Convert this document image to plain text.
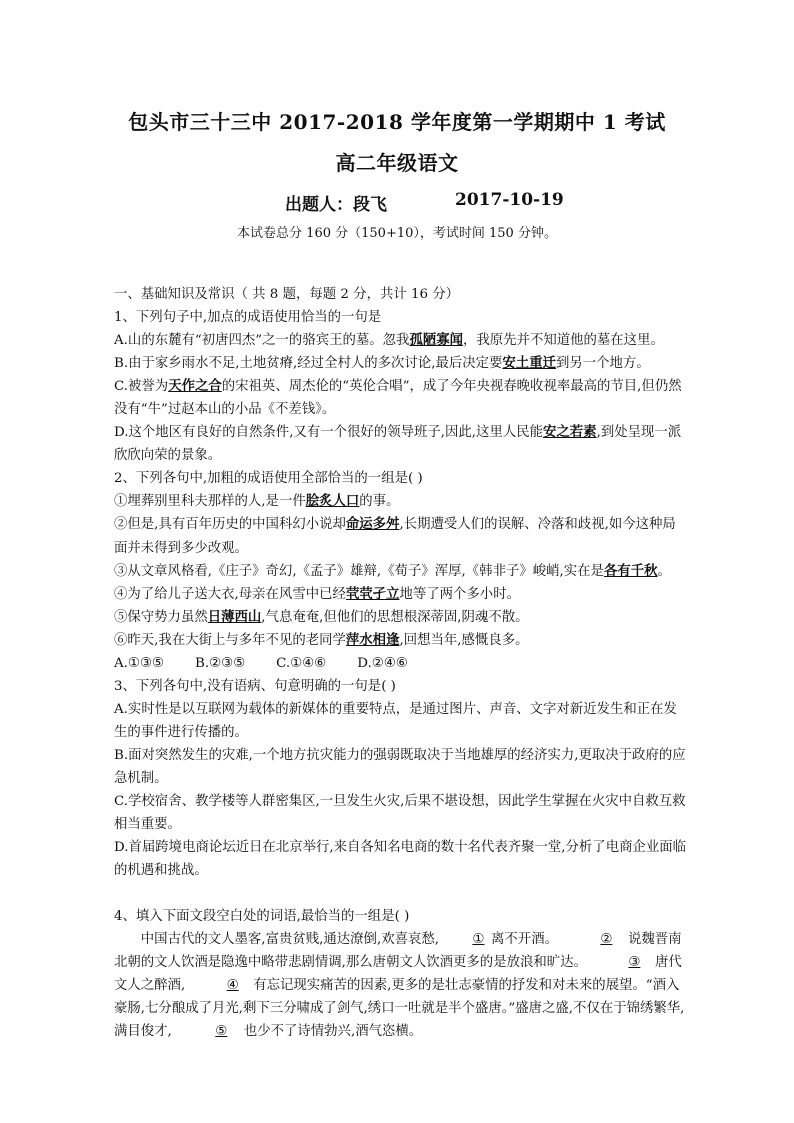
包头市三十三中 2017-2018 学年度第一学期期中 1 考试
高二年级语文
出题人：段飞	2017-10-19
本试卷总分 160 分（150+10），考试时间 150 分钟。

一、基础知识及常识（ 共 8 题，每题 2 分，共计 16 分）

1、下列句子中,加点的成语使用恰当的一句是

A.山的东麓有“初唐四杰”之一的骆宾王的墓。忽我孤陋寡闻，我原先并不知道他的墓在这里。

B.由于家乡雨水不足,土地贫瘠,经过全村人的多次讨论,最后决定要安土重迁到另一个地方。

C.被誉为天作之合的宋祖英、周杰伦的“英伦合唱”，成了今年央视春晚收视率最高的节目,但仍然没有“牛”过赵本山的小品《不差钱》。

D.这个地区有良好的自然条件,又有一个很好的领导班子,因此,这里人民能安之若素,到处呈现一派欣欣向荣的景象。

2、下列各句中,加粗的成语使用全部恰当的一组是( )

①埋葬别里科夫那样的人,是一件脍炙人口的事。

②但是,具有百年历史的中国科幻小说却命运多舛,长期遭受人们的误解、冷落和歧视,如今这种局面并未得到多少改观。

③从文章风格看,《庄子》奇幻,《孟子》雄辩,《荀子》浑厚,《韩非子》峻峭,实在是各有千秋。

④为了给儿子送大衣,母亲在风雪中已经茕茕孑立地等了两个多小时。

⑤保守势力虽然日薄西山,气息奄奄,但他们的思想根深蒂固,阴魂不散。

⑥昨天,我在大街上与多年不见的老同学萍水相逢,回想当年,感慨良多。

A.①③⑤　　 B.②③⑤　　 C.①④⑥　　 D.②④⑥

3、下列各句中,没有语病、句意明确的一句是( )

A.实时性是以互联网为载体的新媒体的重要特点，是通过图片、声音、文字对新近发生和正在发生的事件进行传播的。

B.面对突然发生的灾难,一个地方抗灾能力的强弱既取决于当地雄厚的经济实力,更取决于政府的应急机制。

C.学校宿舍、教学楼等人群密集区,一旦发生火灾,后果不堪设想，因此学生掌握在火灾中自救互救相当重要。

D.首届跨境电商论坛近日在北京举行,来自各知名电商的数十名代表齐聚一堂,分析了电商企业面临的机遇和挑战。

4、填入下面文段空白处的词语,最恰当的一组是( )

中国古代的文人墨客,富贵贫贱,通达潦倒,欢喜哀愁, ① 离不开酒。	② 说魏晋南北朝的文人饮酒是隐逸中略带悲剧情调,那么唐朝文人饮酒更多的是放浪和旷达。	③ 唐代文人之醉酒,	④ 有忘记现实痛苦的因素,更多的是壮志豪情的抒发和对未来的展望。“酒入豪肠,七分酿成了月光,剩下三分啸成了剑气,绣口一吐就是半个盛唐。”盛唐之盛,不仅在于锦绣繁华,满目俊才,	⑤ 也少不了诗情勃兴,酒气恣横。
